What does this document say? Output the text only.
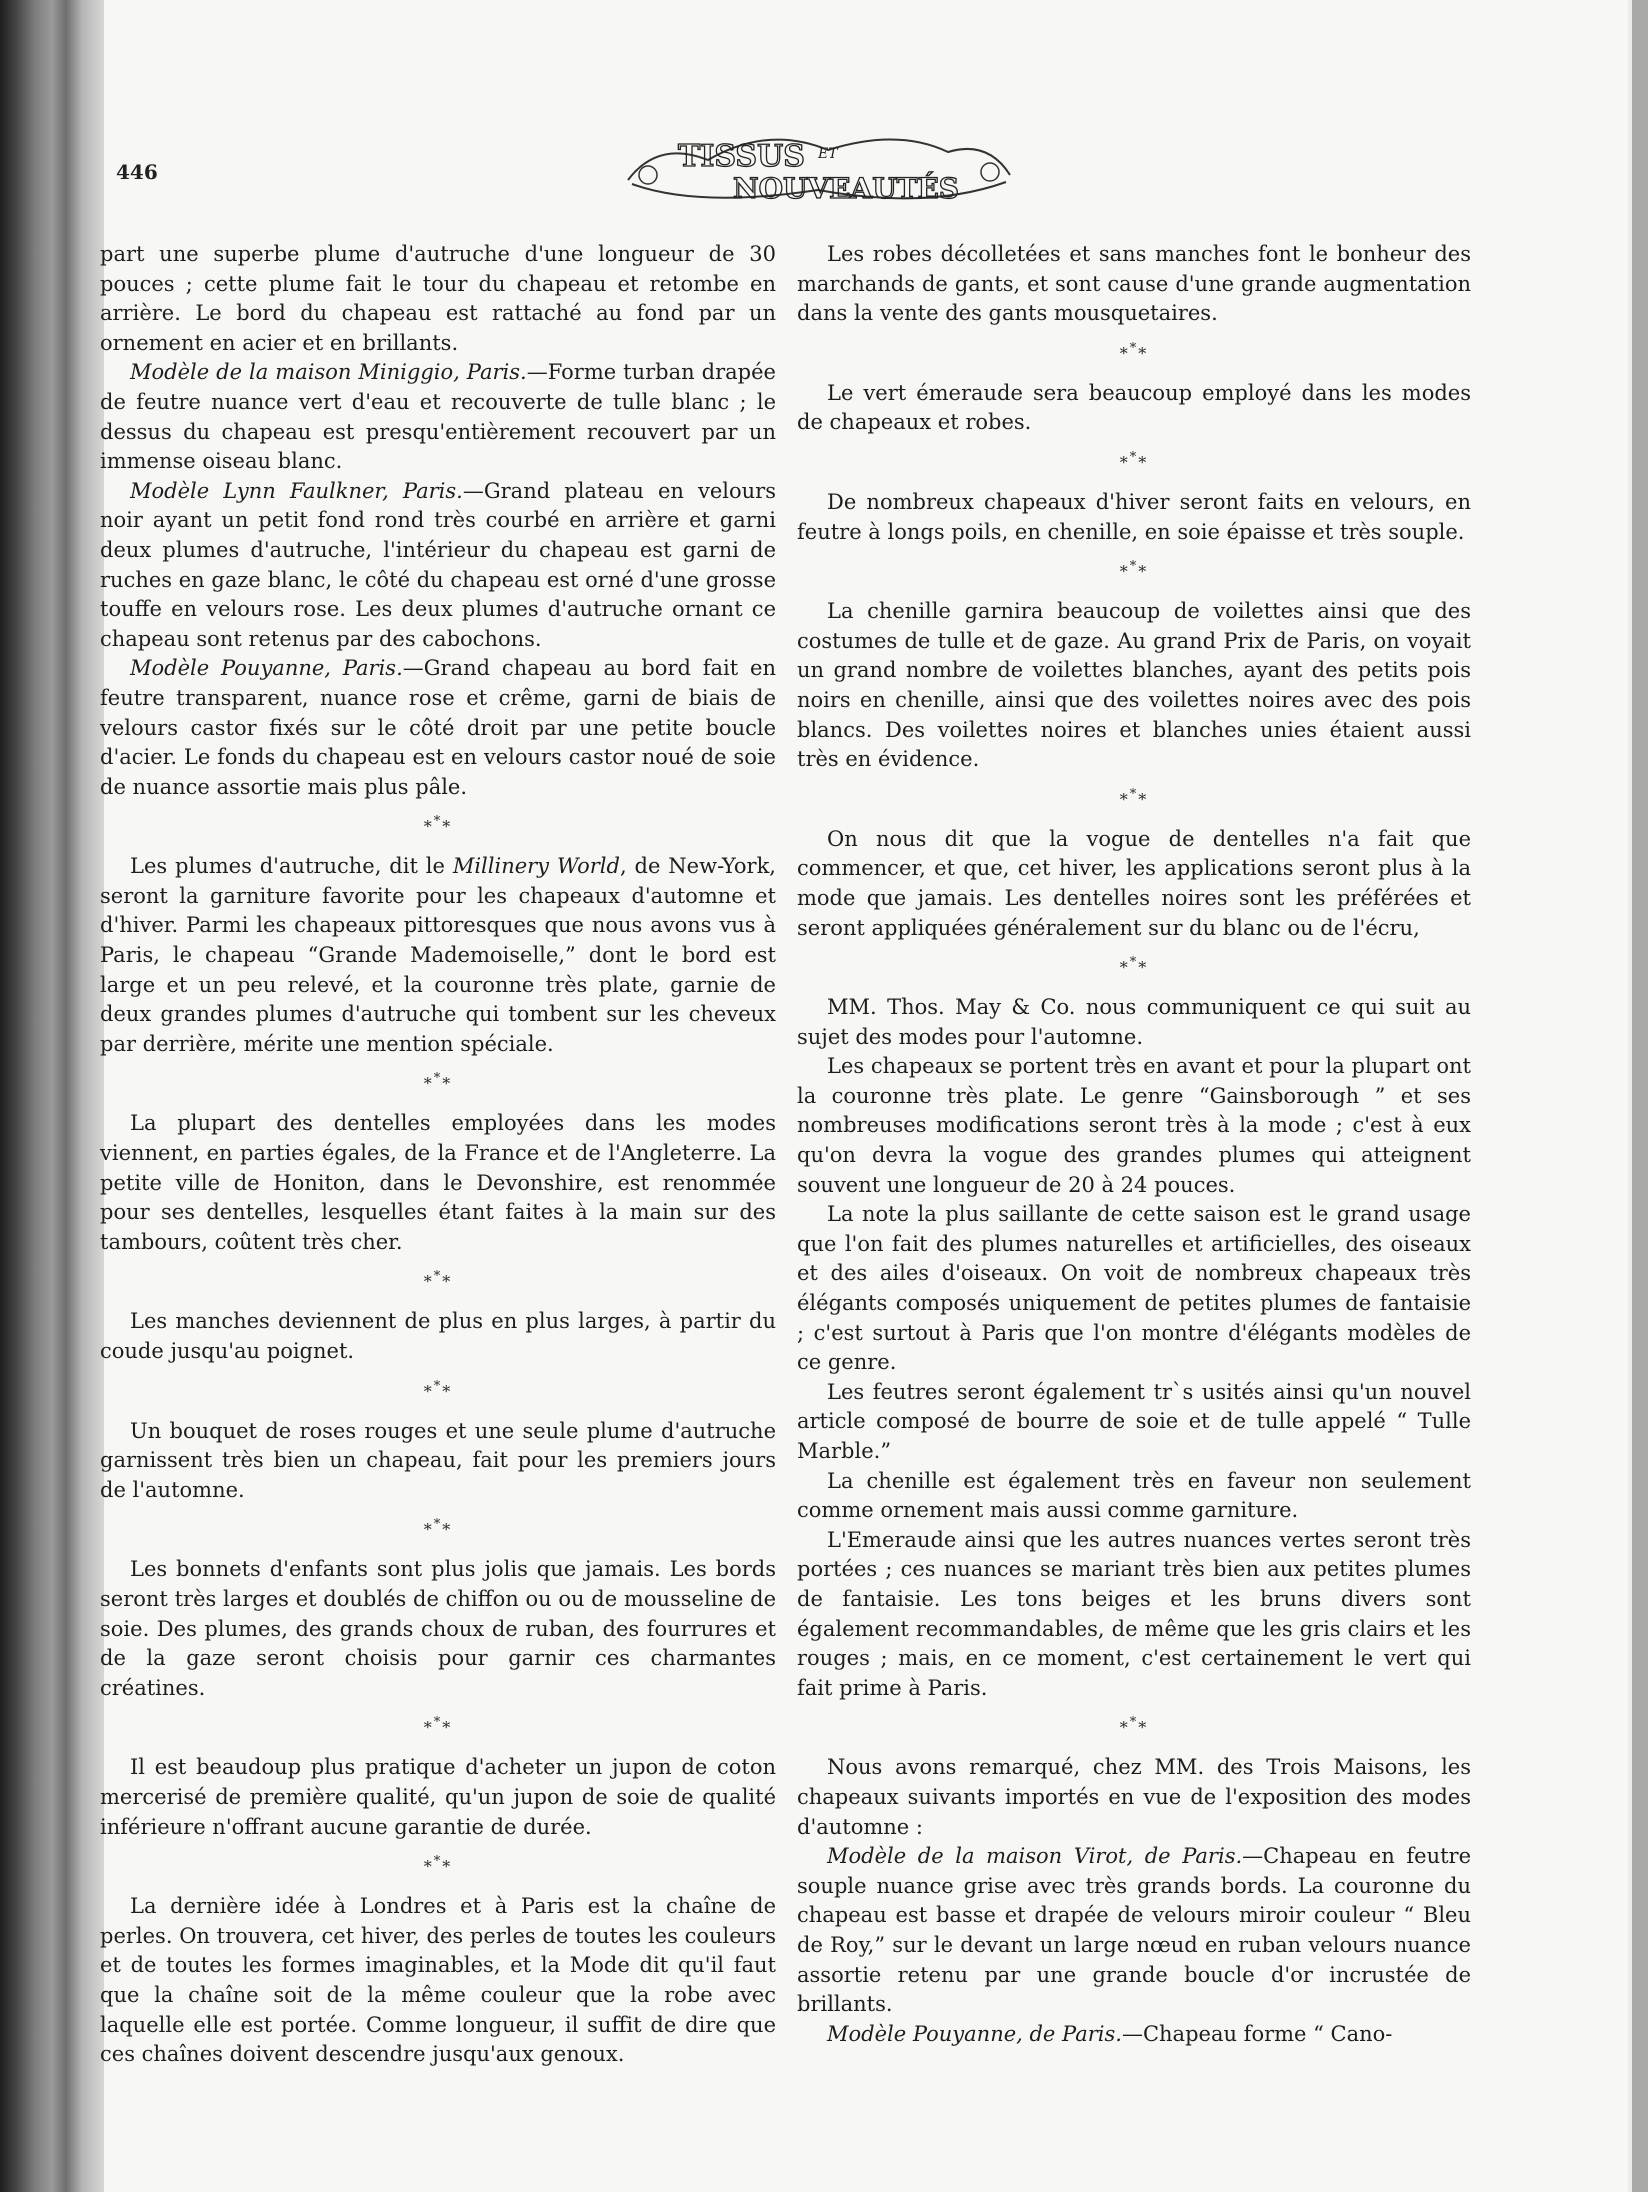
446	TISSUS ET
NOUVEAUTÉS

part une superbe plume d'autruche d'une longueur de 30 pouces ; cette plume fait le tour du chapeau et retombe en arrière. Le bord du chapeau est rattaché au fond par un ornement en acier et en brillants.

Modèle de la maison Miniggio, Paris.—Forme turban drapée de feutre nuance vert d'eau et recouverte de tulle blanc ; le dessus du chapeau est presqu'entièrement recouvert par un immense oiseau blanc.

Modèle Lynn Faulkner, Paris.—Grand plateau en velours noir ayant un petit fond rond très courbé en arrière et garni deux plumes d'autruche, l'intérieur du chapeau est garni de ruches en gaze blanc, le côté du chapeau est orné d'une grosse touffe en velours rose. Les deux plumes d'autruche ornant ce chapeau sont retenus par des cabochons.

Modèle Pouyanne, Paris.—Grand chapeau au bord fait en feutre transparent, nuance rose et crême, garni de biais de velours castor fixés sur le côté droit par une petite boucle d'acier. Le fonds du chapeau est en velours castor noué de soie de nuance assortie mais plus pâle.

***

Les plumes d'autruche, dit le Millinery World, de New-York, seront la garniture favorite pour les chapeaux d'automne et d'hiver. Parmi les chapeaux pittoresques que nous avons vus à Paris, le chapeau “Grande Mademoiselle,” dont le bord est large et un peu relevé, et la couronne très plate, garnie de deux grandes plumes d'autruche qui tombent sur les cheveux par derrière, mérite une mention spéciale.

***

La plupart des dentelles employées dans les modes viennent, en parties égales, de la France et de l'Angleterre. La petite ville de Honiton, dans le Devonshire, est renommée pour ses dentelles, lesquelles étant faites à la main sur des tambours, coûtent très cher.

***

Les manches deviennent de plus en plus larges, à partir du coude jusqu'au poignet.

***

Un bouquet de roses rouges et une seule plume d'autruche garnissent très bien un chapeau, fait pour les premiers jours de l'automne.

***

Les bonnets d'enfants sont plus jolis que jamais. Les bords seront très larges et doublés de chiffon ou ou de mousseline de soie. Des plumes, des grands choux de ruban, des fourrures et de la gaze seront choisis pour garnir ces charmantes créatines.

***

Il est beaudoup plus pratique d'acheter un jupon de coton mercerisé de première qualité, qu'un jupon de soie de qualité inférieure n'offrant aucune garantie de durée.

***

La dernière idée à Londres et à Paris est la chaîne de perles. On trouvera, cet hiver, des perles de toutes les couleurs et de toutes les formes imaginables, et la Mode dit qu'il faut que la chaîne soit de la même couleur que la robe avec laquelle elle est portée. Comme longueur, il suffit de dire que ces chaînes doivent descendre jusqu'aux genoux.

Les robes décolletées et sans manches font le bonheur des marchands de gants, et sont cause d'une grande augmentation dans la vente des gants mousquetaires.

***

Le vert émeraude sera beaucoup employé dans les modes de chapeaux et robes.

***

De nombreux chapeaux d'hiver seront faits en velours, en feutre à longs poils, en chenille, en soie épaisse et très souple.

***

La chenille garnira beaucoup de voilettes ainsi que des costumes de tulle et de gaze. Au grand Prix de Paris, on voyait un grand nombre de voilettes blanches, ayant des petits pois noirs en chenille, ainsi que des voilettes noires avec des pois blancs. Des voilettes noires et blanches unies étaient aussi très en évidence.

***

On nous dit que la vogue de dentelles n'a fait que commencer, et que, cet hiver, les applications seront plus à la mode que jamais. Les dentelles noires sont les préférées et seront appliquées généralement sur du blanc ou de l'écru,

***

MM. Thos. May & Co. nous communiquent ce qui suit au sujet des modes pour l'automne.

Les chapeaux se portent très en avant et pour la plupart ont la couronne très plate. Le genre “Gainsborough ” et ses nombreuses modifications seront très à la mode ; c'est à eux qu'on devra la vogue des grandes plumes qui atteignent souvent une longueur de 20 à 24 pouces.

La note la plus saillante de cette saison est le grand usage que l'on fait des plumes naturelles et artificielles, des oiseaux et des ailes d'oiseaux. On voit de nombreux chapeaux très élégants composés uniquement de petites plumes de fantaisie ; c'est surtout à Paris que l'on montre d'élégants modèles de ce genre.

Les feutres seront également tr`s usités ainsi qu'un nouvel article composé de bourre de soie et de tulle appelé “ Tulle Marble.”

La chenille est également très en faveur non seulement comme ornement mais aussi comme garniture.

L'Emeraude ainsi que les autres nuances vertes seront très portées ; ces nuances se mariant très bien aux petites plumes de fantaisie. Les tons beiges et les bruns divers sont également recommandables, de même que les gris clairs et les rouges ; mais, en ce moment, c'est certainement le vert qui fait prime à Paris.

***

Nous avons remarqué, chez MM. des Trois Maisons, les chapeaux suivants importés en vue de l'exposition des modes d'automne :

Modèle de la maison Virot, de Paris.—Chapeau en feutre souple nuance grise avec très grands bords. La couronne du chapeau est basse et drapée de velours miroir couleur “ Bleu de Roy,” sur le devant un large nœud en ruban velours nuance assortie retenu par une grande boucle d'or incrustée de brillants.

Modèle Pouyanne, de Paris.—Chapeau forme “ Cano-
